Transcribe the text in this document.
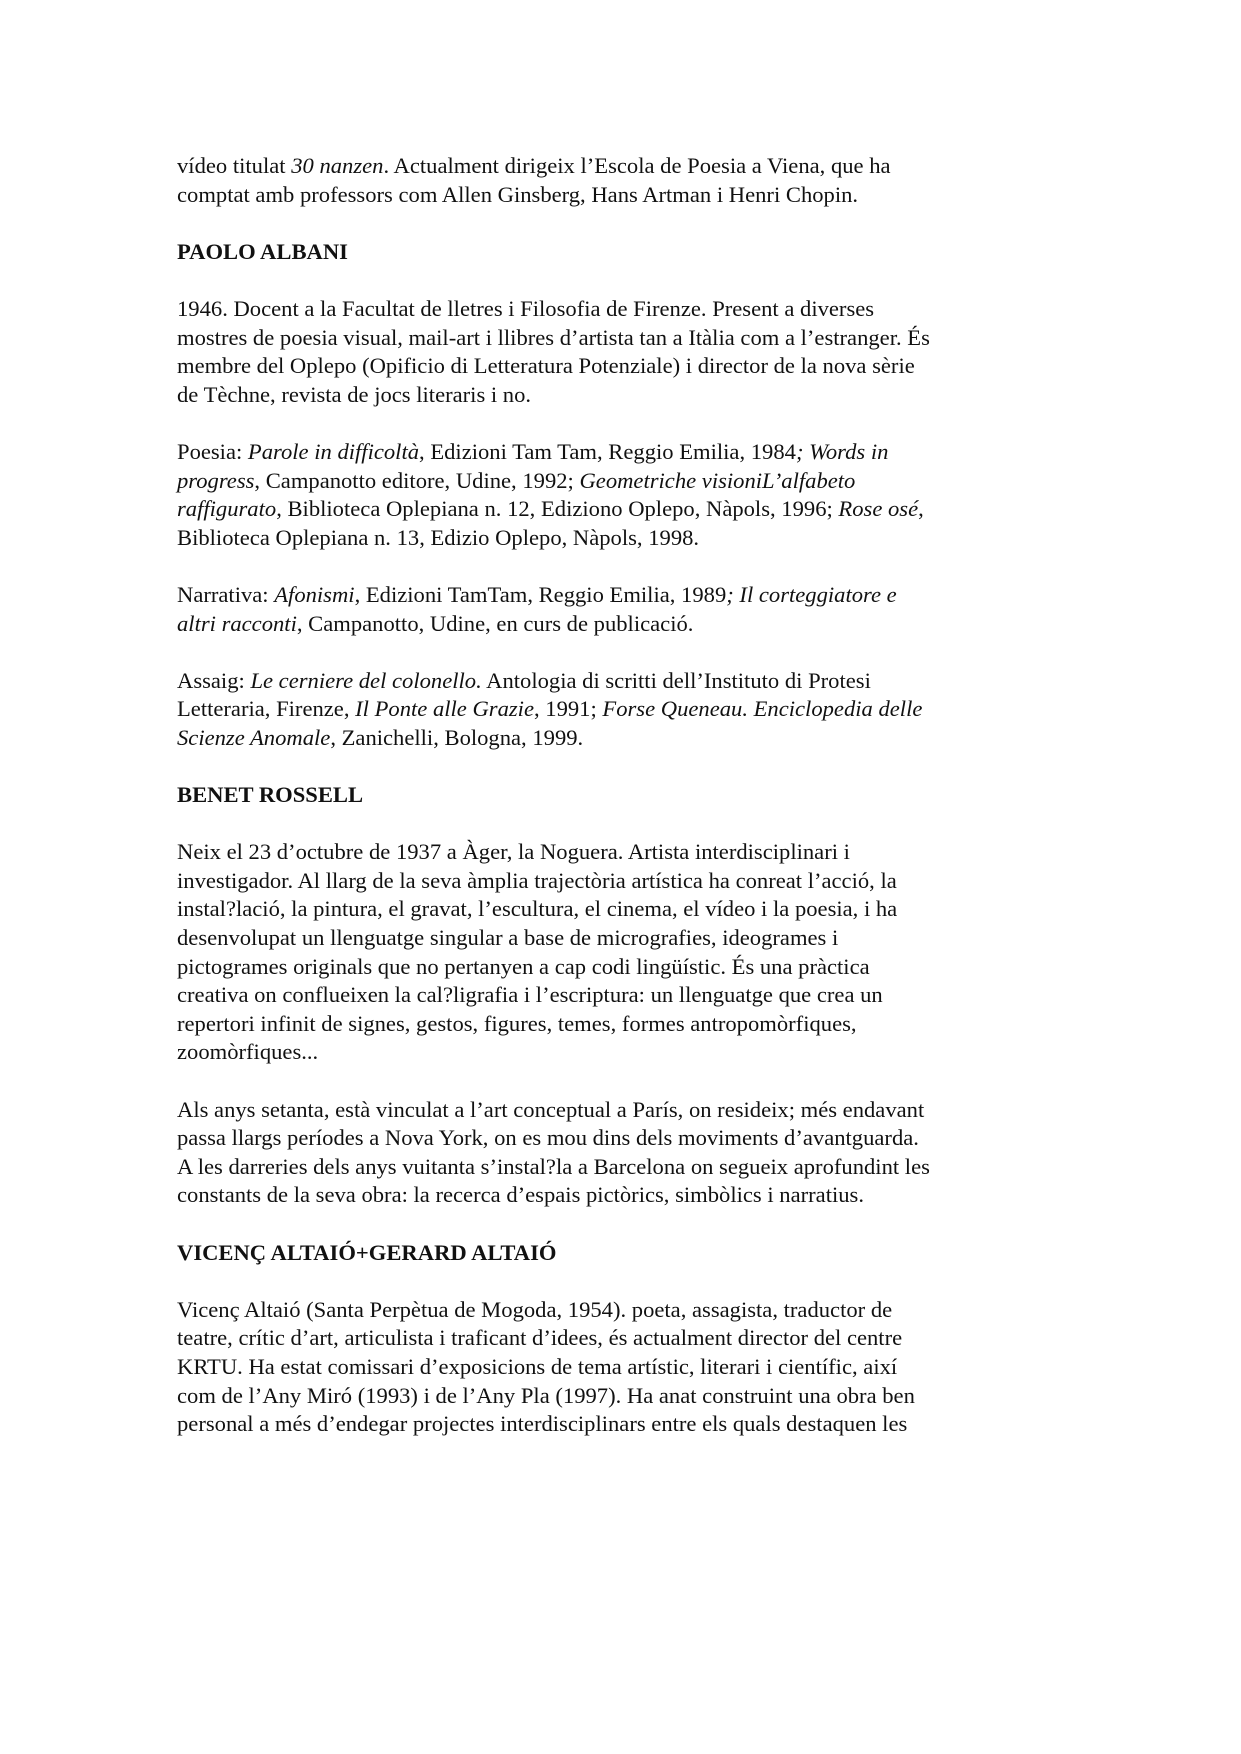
vídeo titulat 30 nanzen. Actualment dirigeix l’Escola de Poesia a Viena, que ha comptat amb professors com Allen Ginsberg, Hans Artman i Henri Chopin.

PAOLO ALBANI

1946. Docent a la Facultat de lletres i Filosofia de Firenze. Present a diverses mostres de poesia visual, mail-art i llibres d’artista tan a Itàlia com a l’estranger. És membre del Oplepo (Opificio di Letteratura Potenziale) i director de la nova sèrie de Tèchne, revista de jocs literaris i no.

Poesia: Parole in difficoltà, Edizioni Tam Tam, Reggio Emilia, 1984; Words in progress, Campanotto editore, Udine, 1992; Geometriche visioniL’alfabeto raffigurato, Biblioteca Oplepiana n. 12, Edizionο Oplepo, Nàpols, 1996; Rose osé, Biblioteca Oplepiana n. 13, Edizio Oplepo, Nàpols, 1998.

Narrativa: Afonismi, Edizioni TamTam, Reggio Emilia, 1989; Il corteggiatore e altri racconti, Campanotto, Udine, en curs de publicació.

Assaig: Le cerniere del colonello. Antologia di scritti dell’Instituto di Protesi Letteraria, Firenze, Il Ponte alle Grazie, 1991; Forse Queneau. Enciclopedia delle Scienze Anomale, Zanichelli, Bologna, 1999.

BENET ROSSELL

Neix el 23 d’octubre de 1937 a Àger, la Noguera. Artista interdisciplinari i investigador. Al llarg de la seva àmplia trajectòria artística ha conreat l’acció, la instal?lació, la pintura, el gravat, l’escultura, el cinema, el vídeo i la poesia, i ha desenvolupat un llenguatge singular a base de micrografies, ideogrames i pictogrames originals que no pertanyen a cap codi lingüístic. És una pràctica creativa on conflueixen la cal?ligrafia i l’escriptura: un llenguatge que crea un repertori infinit de signes, gestos, figures, temes, formes antropomòrfiques, zoomòrfiques...

Als anys setanta, està vinculat a l’art conceptual a París, on resideix; més endavant passa llargs períodes a Nova York, on es mou dins dels moviments d’avantguarda. A les darreries dels anys vuitanta s’instal?la a Barcelona on segueix aprofundint les constants de la seva obra: la recerca d’espais pictòrics, simbòlics i narratius.

VICENÇ ALTAIÓ+GERARD ALTAIÓ

Vicenç Altaió (Santa Perpètua de Mogoda, 1954). poeta, assagista, traductor de teatre, crític d’art, articulista i traficant d’idees, és actualment director del centre KRTU. Ha estat comissari d’exposicions de tema artístic, literari i científic, així com de l’Any Miró (1993) i de l’Any Pla (1997). Ha anat construint una obra ben personal a més d’endegar projectes interdisciplinars entre els quals destaquen les
